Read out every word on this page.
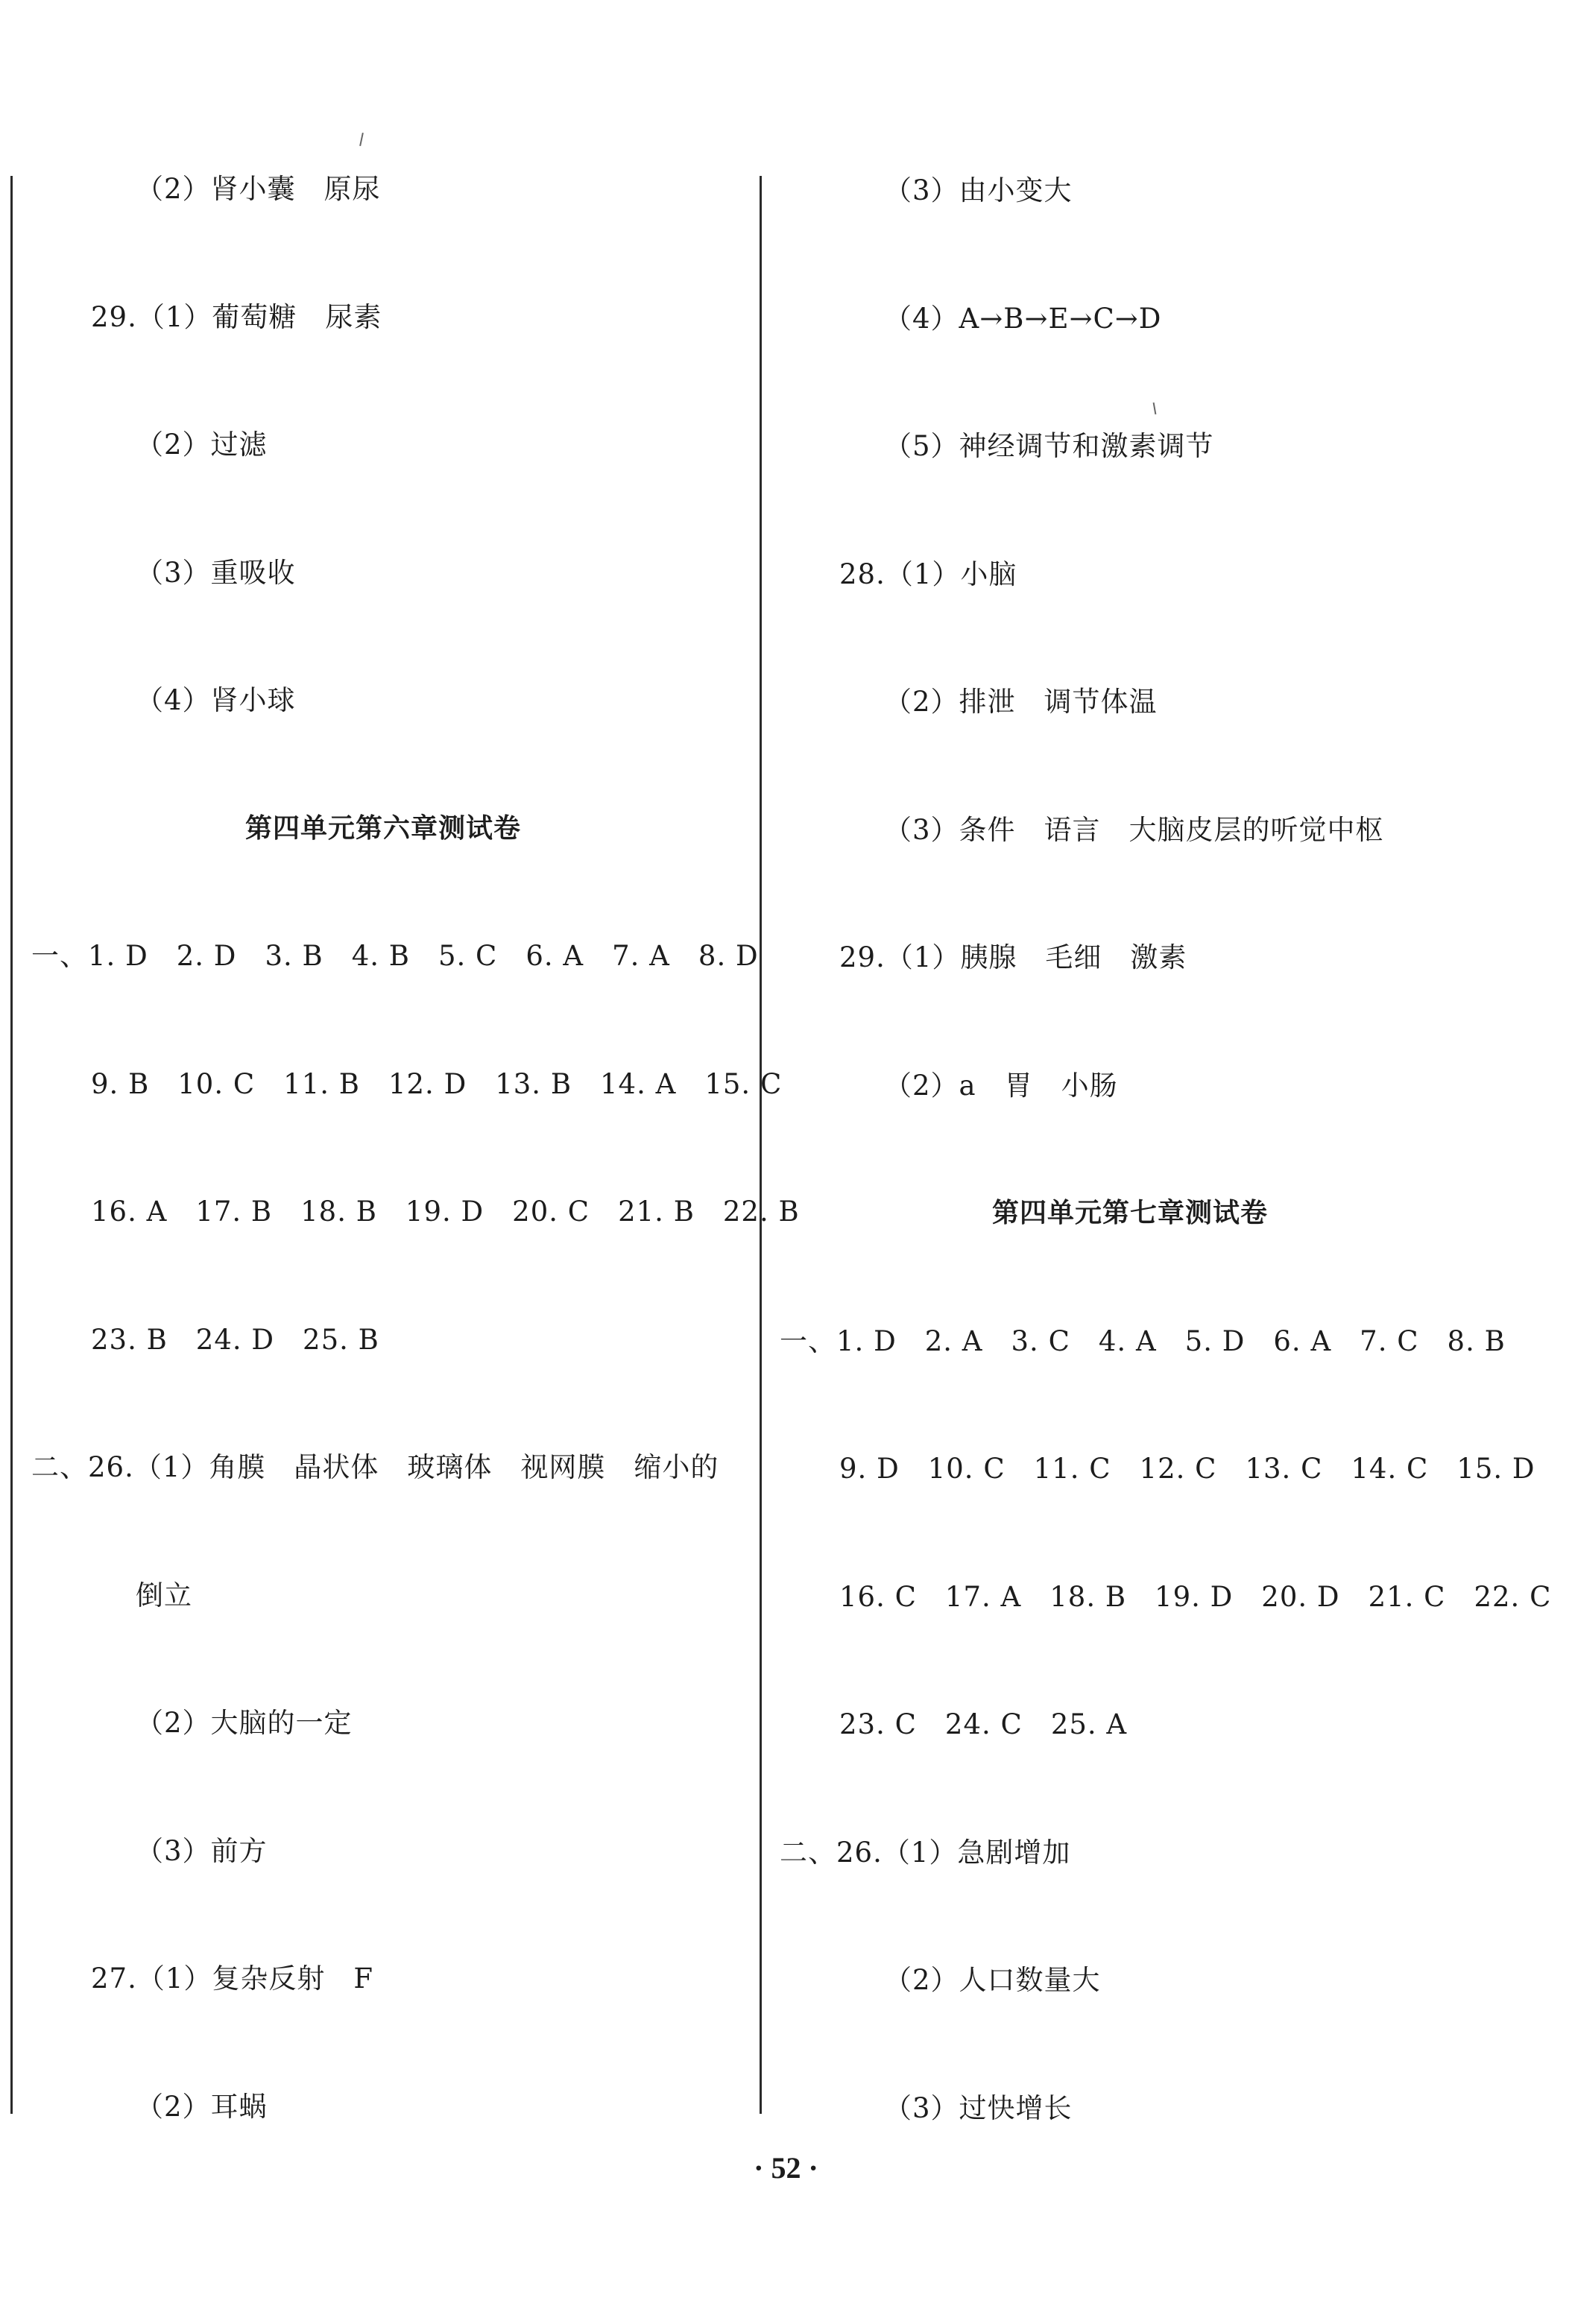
（2）肾小囊　原尿
29.（1）葡萄糖　尿素
（2）过滤
（3）重吸收
（4）肾小球
第四单元第六章测试卷
一、1. D　2. D　3. B　4. B　5. C　6. A　7. A　8. D
9. B　10. C　11. B　12. D　13. B　14. A　15. C
16. A　17. B　18. B　19. D　20. C　21. B　22. B
23. B　24. D　25. B
二、26.（1）角膜　晶状体　玻璃体　视网膜　缩小的
倒立
（2）大脑的一定
（3）前方
27.（1）复杂反射　F
（2）耳蜗
（3）由小变大
（4）A→B→E→C→D
（5）神经调节和激素调节
28.（1）小脑
（2）排泄　调节体温
（3）条件　语言　大脑皮层的听觉中枢
29.（1）胰腺　毛细　激素
（2）a　胃　小肠
第四单元第七章测试卷
一、1. D　2. A　3. C　4. A　5. D　6. A　7. C　8. B
9. D　10. C　11. C　12. C　13. C　14. C　15. D
16. C　17. A　18. B　19. D　20. D　21. C　22. C
23. C　24. C　25. A
二、26.（1）急剧增加
（2）人口数量大
（3）过快增长
· 52 ·
